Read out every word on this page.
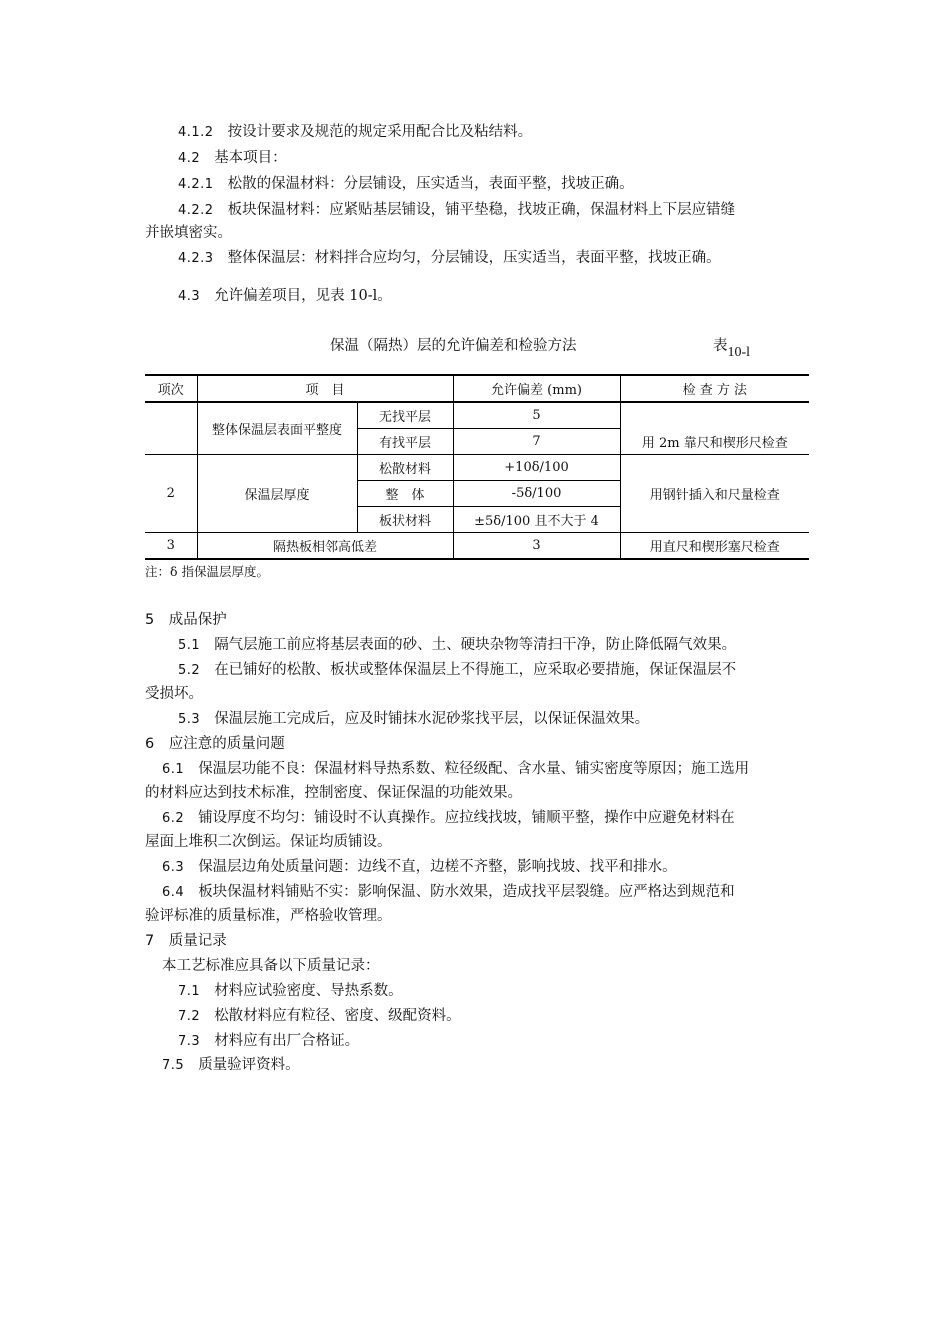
4.1.2 按设计要求及规范的规定采用配合比及粘结料。
4.2 基本项目：
4.2.1 松散的保温材料：分层铺设，压实适当，表面平整，找坡正确。
4.2.2 板块保温材料：应紧贴基层铺设，铺平垫稳，找坡正确，保温材料上下层应错缝
并嵌填密实。
4.2.3 整体保温层：材料拌合应均匀，分层铺设，压实适当，表面平整，找坡正确。
4.3 允许偏差项目，见表 10-l。
保温（隔热）层的允许偏差和检验方法	表10-l
项次	项　目		允许偏差 (mm)	检 查 方 法
	整体保温层表面平整度	无找平层	5	用 2m 靠尺和楔形尺检查
		有找平层	7	
2	保温层厚度	松散材料	+10δ/100	用钢针插入和尺量检查
		整　体	-5δ/100	
		板状材料	±5δ/100 且不大于 4	
3	隔热板相邻高低差		3	用直尺和楔形塞尺检查
注：δ 指保温层厚度。
5　成品保护
5.1 隔气层施工前应将基层表面的砂、土、硬块杂物等清扫干净，防止降低隔气效果。
5.2 在已铺好的松散、板状或整体保温层上不得施工，应采取必要措施，保证保温层不
受损坏。
5.3 保温层施工完成后，应及时铺抹水泥砂浆找平层，以保证保温效果。
6　应注意的质量问题
6.1 保温层功能不良：保温材料导热系数、粒径级配、含水量、铺实密度等原因；施工选用
的材料应达到技术标准，控制密度、保证保温的功能效果。
6.2 铺设厚度不均匀：铺设时不认真操作。应拉线找坡，铺顺平整，操作中应避免材料在
屋面上堆积二次倒运。保证均质铺设。
6.3 保温层边角处质量问题：边线不直，边槎不齐整，影响找坡、找平和排水。
6.4 板块保温材料铺贴不实：影响保温、防水效果，造成找平层裂缝。应严格达到规范和
验评标准的质量标准，严格验收管理。
7　质量记录
本工艺标准应具备以下质量记录：
7.1 材料应试验密度、导热系数。
7.2 松散材料应有粒径、密度、级配资料。
7.3 材料应有出厂合格证。
7.5 质量验评资料。
